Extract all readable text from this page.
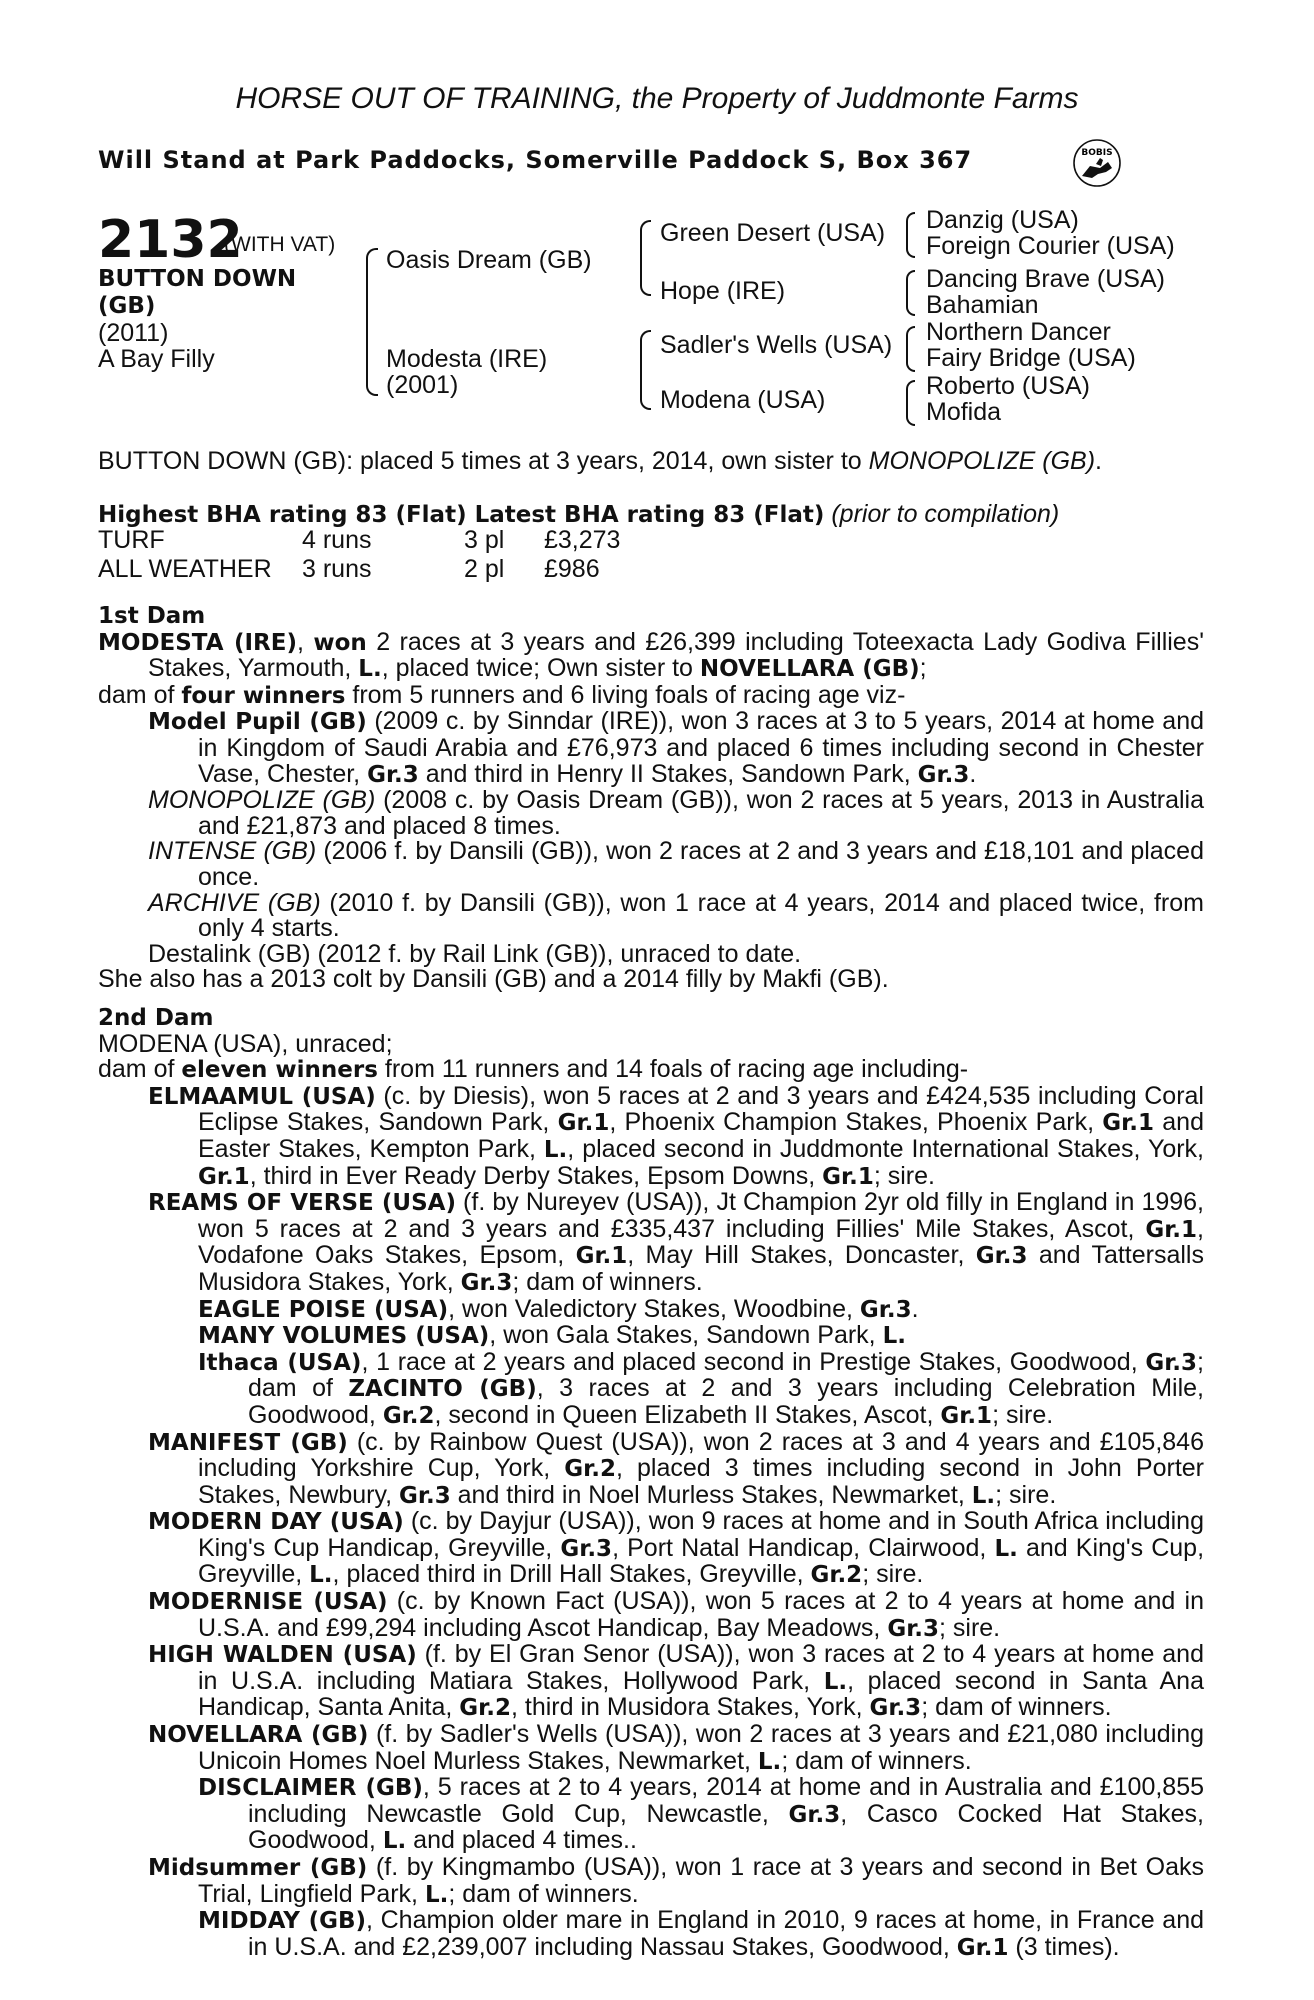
HORSE OUT OF TRAINING, the Property of Juddmonte Farms
Will Stand at Park Paddocks, Somerville Paddock S, Box 367	BOBIS
2132
(WITH VAT)
BUTTON DOWN
(GB)
(2011)
A Bay Filly
Oasis Dream (GB)
Modesta (IRE)
(2001)
Green Desert (USA)
Hope (IRE)
Sadler's Wells (USA)
Modena (USA)
Danzig (USA)
Foreign Courier (USA)
Dancing Brave (USA)
Bahamian
Northern Dancer
Fairy Bridge (USA)
Roberto (USA)
Mofida
BUTTON DOWN (GB): placed 5 times at 3 years, 2014, own sister to MONOPOLIZE (GB).
Highest BHA rating 83 (Flat) Latest BHA rating 83 (Flat) (prior to compilation)
TURF	4 runs	3 pl	£3,273
ALL WEATHER	3 runs	2 pl	£986

1st Dam

MODESTA (IRE), won 2 races at 3 years and £26,399 including Toteexacta Lady Godiva Fillies' Stakes, Yarmouth, L., placed twice; Own sister to NOVELLARA (GB);

dam of four winners from 5 runners and 6 living foals of racing age viz-

Model Pupil (GB) (2009 c. by Sinndar (IRE)), won 3 races at 3 to 5 years, 2014 at home and in Kingdom of Saudi Arabia and £76,973 and placed 6 times including second in Chester Vase, Chester, Gr.3 and third in Henry II Stakes, Sandown Park, Gr.3.

MONOPOLIZE (GB) (2008 c. by Oasis Dream (GB)), won 2 races at 5 years, 2013 in Australia and £21,873 and placed 8 times.

INTENSE (GB) (2006 f. by Dansili (GB)), won 2 races at 2 and 3 years and £18,101 and placed once.

ARCHIVE (GB) (2010 f. by Dansili (GB)), won 1 race at 4 years, 2014 and placed twice, from only 4 starts.

Destalink (GB) (2012 f. by Rail Link (GB)), unraced to date.

She also has a 2013 colt by Dansili (GB) and a 2014 filly by Makfi (GB).

2nd Dam

MODENA (USA), unraced;

dam of eleven winners from 11 runners and 14 foals of racing age including-

ELMAAMUL (USA) (c. by Diesis), won 5 races at 2 and 3 years and £424,535 including Coral Eclipse Stakes, Sandown Park, Gr.1, Phoenix Champion Stakes, Phoenix Park, Gr.1 and Easter Stakes, Kempton Park, L., placed second in Juddmonte International Stakes, York, Gr.1, third in Ever Ready Derby Stakes, Epsom Downs, Gr.1; sire.

REAMS OF VERSE (USA) (f. by Nureyev (USA)), Jt Champion 2yr old filly in England in 1996, won 5 races at 2 and 3 years and £335,437 including Fillies' Mile Stakes, Ascot, Gr.1, Vodafone Oaks Stakes, Epsom, Gr.1, May Hill Stakes, Doncaster, Gr.3 and Tattersalls Musidora Stakes, York, Gr.3; dam of winners.

EAGLE POISE (USA), won Valedictory Stakes, Woodbine, Gr.3.

MANY VOLUMES (USA), won Gala Stakes, Sandown Park, L.

Ithaca (USA), 1 race at 2 years and placed second in Prestige Stakes, Goodwood, Gr.3; dam of ZACINTO (GB), 3 races at 2 and 3 years including Celebration Mile, Goodwood, Gr.2, second in Queen Elizabeth II Stakes, Ascot, Gr.1; sire.

MANIFEST (GB) (c. by Rainbow Quest (USA)), won 2 races at 3 and 4 years and £105,846 including Yorkshire Cup, York, Gr.2, placed 3 times including second in John Porter Stakes, Newbury, Gr.3 and third in Noel Murless Stakes, Newmarket, L.; sire.

MODERN DAY (USA) (c. by Dayjur (USA)), won 9 races at home and in South Africa including King's Cup Handicap, Greyville, Gr.3, Port Natal Handicap, Clairwood, L. and King's Cup, Greyville, L., placed third in Drill Hall Stakes, Greyville, Gr.2; sire.

MODERNISE (USA) (c. by Known Fact (USA)), won 5 races at 2 to 4 years at home and in U.S.A. and £99,294 including Ascot Handicap, Bay Meadows, Gr.3; sire.

HIGH WALDEN (USA) (f. by El Gran Senor (USA)), won 3 races at 2 to 4 years at home and in U.S.A. including Matiara Stakes, Hollywood Park, L., placed second in Santa Ana Handicap, Santa Anita, Gr.2, third in Musidora Stakes, York, Gr.3; dam of winners.

NOVELLARA (GB) (f. by Sadler's Wells (USA)), won 2 races at 3 years and £21,080 including Unicoin Homes Noel Murless Stakes, Newmarket, L.; dam of winners.

DISCLAIMER (GB), 5 races at 2 to 4 years, 2014 at home and in Australia and £100,855 including Newcastle Gold Cup, Newcastle, Gr.3, Casco Cocked Hat Stakes, Goodwood, L. and placed 4 times..

Midsummer (GB) (f. by Kingmambo (USA)), won 1 race at 3 years and second in Bet Oaks Trial, Lingfield Park, L.; dam of winners.

MIDDAY (GB), Champion older mare in England in 2010, 9 races at home, in France and in U.S.A. and £2,239,007 including Nassau Stakes, Goodwood, Gr.1 (3 times).
